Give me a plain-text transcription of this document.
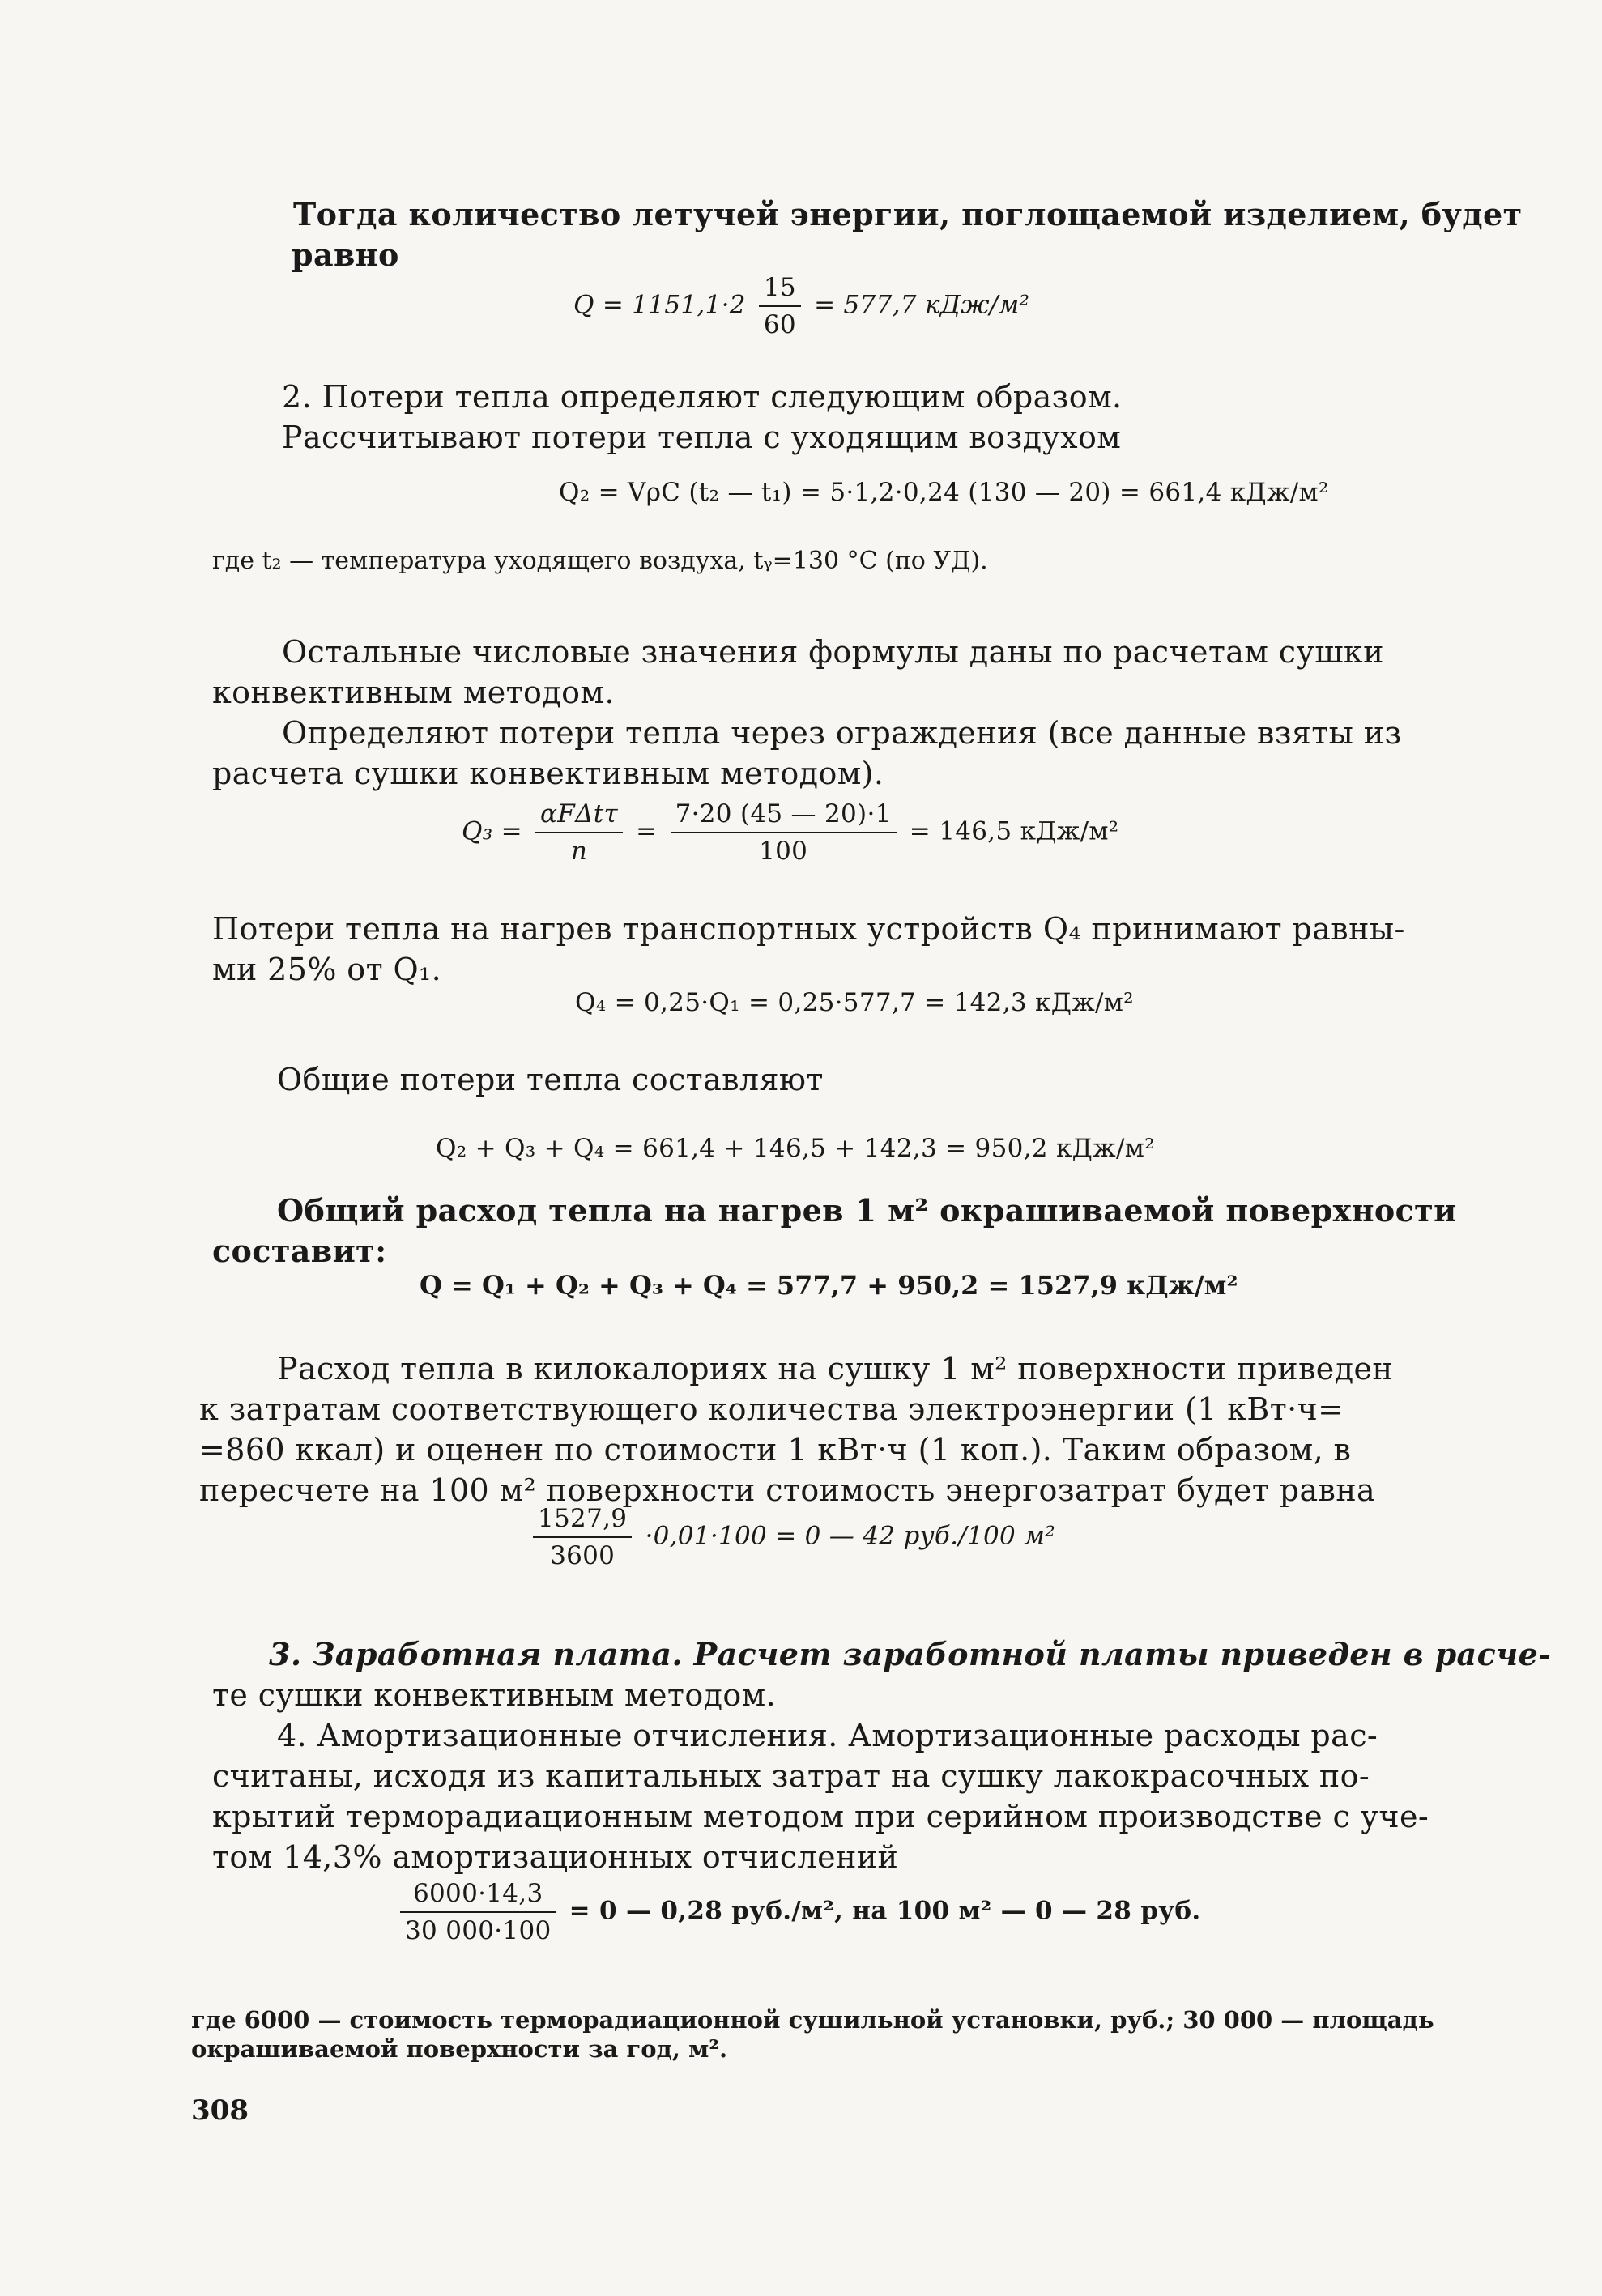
Тогда количество летучей энергии, поглощаемой изделием, будет
равно
$Q = 1151,1\cdot 2 \frac{15}{60} = 577,7$ кДж/м²
2. Потери тепла определяют следующим образом.
Рассчитывают потери тепла с уходящим воздухом
Q₂ = VρC (t₂ — t₁) = 5·1,2·0,24 (130 — 20) = 661,4 кДж/м²
где t₂ — температура уходящего воздуха, tᵧ=130 °C (по УД).
Остальные числовые значения формулы даны по расчетам сушки
конвективным методом.
Определяют потери тепла через ограждения (все данные взяты из
расчета сушки конвективным методом).
$Q_3 = \frac{\text{αFΔtτ}}{n} = \frac{7\cdot 20 (45 — 20)\cdot 1}{100} = 146,5$ кДж/м²
Потери тепла на нагрев транспортных устройств Q₄ принимают равны-
ми 25% от Q₁.
Q₄ = 0,25·Q₁ = 0,25·577,7 = 142,3 кДж/м²
Общие потери тепла составляют
Q₂ + Q₃ + Q₄ = 661,4 + 146,5 + 142,3 = 950,2 кДж/м²
Общий расход тепла на нагрев 1 м² окрашиваемой поверхности
составит:
Q = Q₁ + Q₂ + Q₃ + Q₄ = 577,7 + 950,2 = 1527,9 кДж/м²
Расход тепла в килокалориях на сушку 1 м² поверхности приведен
к затратам соответствующего количества электроэнергии (1 кВт·ч=
=860 ккал) и оценен по стоимости 1 кВт·ч (1 коп.). Таким образом, в
пересчете на 100 м² поверхности стоимость энергозатрат будет равна
$\frac{1527,9}{3600} \cdot 0,01\cdot 100 = 0$ — 42 руб./100 м²
3. Заработная плата. Расчет заработной платы приведен в расче-
те сушки конвективным методом.
4. Амортизационные отчисления. Амортизационные расходы рас-
считаны, исходя из капитальных затрат на сушку лакокрасочных по-
крытий терморадиационным методом при серийном производстве с уче-
том 14,3% амортизационных отчислений
$\frac{6000\cdot 14,3}{30 000\cdot 100} = 0$ — 0,28 руб./м², на 100 м² — 0 — 28 руб.
где 6000 — стоимость терморадиационной сушильной установки, руб.; 30 000 — площадь
окрашиваемой поверхности за год, м².
308
